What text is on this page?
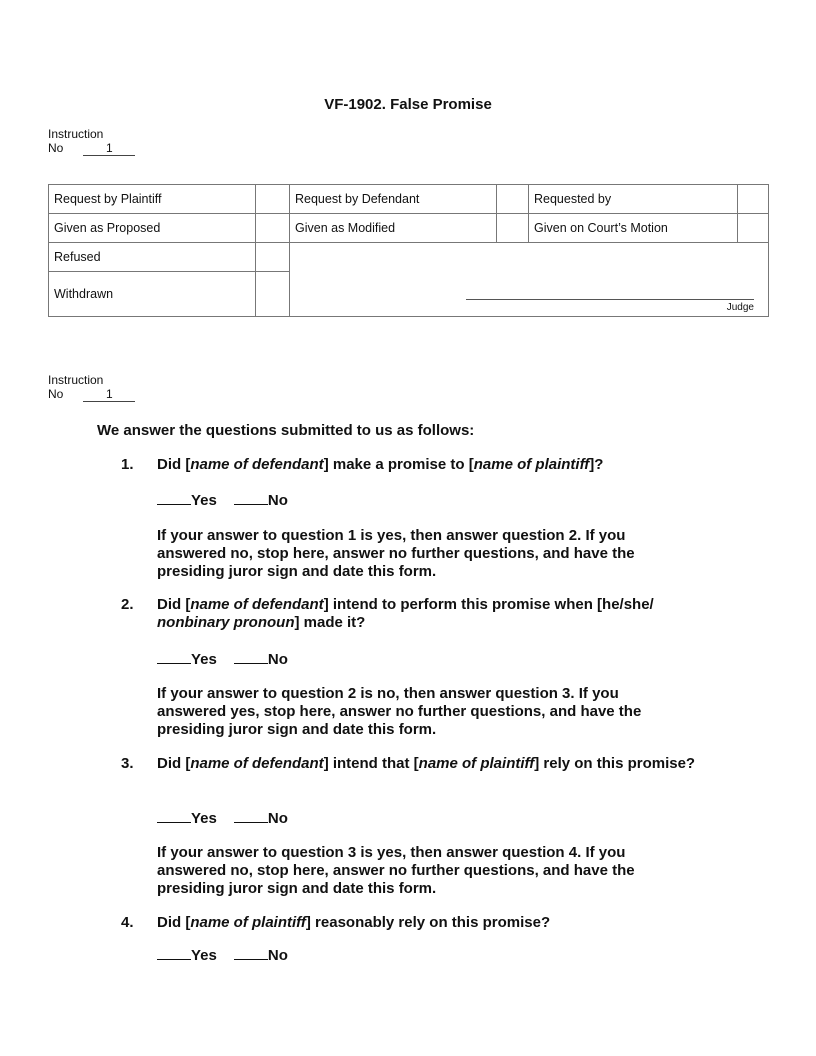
VF-1902. False Promise
Instruction
No	1
Request by Plaintiff		Request by Defendant		Requested by	
Given as Proposed		Given as Modified		Given on Court’s Motion	
Refused		Judge			

Withdrawn					
Instruction
No	1
We answer the questions submitted to us as follows:
1. Did [name of defendant] make a promise to [name of plaintiff]?
Yes	No
If your answer to question 1 is yes, then answer question 2. If you answered no, stop here, answer no further questions, and have the presiding juror sign and date this form.
2. Did [name of defendant] intend to perform this promise when [he/she/ nonbinary pronoun] made it?
Yes	No
If your answer to question 2 is no, then answer question 3. If you answered yes, stop here, answer no further questions, and have the presiding juror sign and date this form.
3. Did [name of defendant] intend that [name of plaintiff] rely on this promise?
Yes	No
If your answer to question 3 is yes, then answer question 4. If you answered no, stop here, answer no further questions, and have the presiding juror sign and date this form.
4. Did [name of plaintiff] reasonably rely on this promise?
Yes	No
